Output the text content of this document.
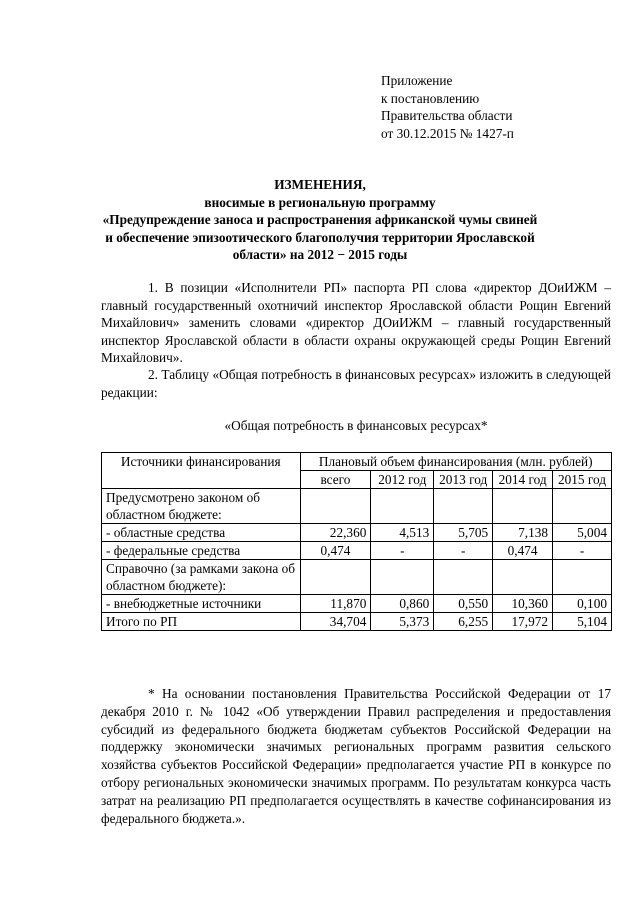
Приложение
к постановлению
Правительства области
от 30.12.2015 № 1427-п
ИЗМЕНЕНИЯ,
вносимые в региональную программу
«Предупреждение заноса и распространения африканской чумы свиней
и обеспечение эпизоотического благополучия территории Ярославской
области» на 2012 − 2015 годы
1. В позиции «Исполнители РП» паспорта РП слова «директор ДОиИЖМ – главный государственный охотничий инспектор Ярославской области Рощин Евгений Михайлович» заменить словами «директор ДОиИЖМ – главный государственный инспектор Ярославской области в области охраны окружающей среды Рощин Евгений Михайлович».
2. Таблицу «Общая потребность в финансовых ресурсах» изложить в следующей редакции:
«Общая потребность в финансовых ресурсах*
Источники финансирования	Плановый объем финансирования (млн. рублей)				
	всего	2012 год	2013 год	2014 год	2015 год
Предусмотрено законом об областном бюджете:					
- областные средства	22,360	4,513	5,705	7,138	5,004
- федеральные средства	0,474	-	-	0,474	-
Справочно (за рамками закона об областном бюджете):					
- внебюджетные источники	11,870	0,860	0,550	10,360	0,100
Итого по РП	34,704	5,373	6,255	17,972	5,104
* На основании постановления Правительства Российской Федерации от 17 декабря 2010 г. № 1042 «Об утверждении Правил распределения и предоставления субсидий из федерального бюджета бюджетам субъектов Российской Федерации на поддержку экономически значимых региональных программ развития сельского хозяйства субъектов Российской Федерации» предполагается участие РП в конкурсе по отбору региональных экономически значимых программ. По результатам конкурса часть затрат на реализацию РП предполагается осуществлять в качестве софинансирования из федерального бюджета.».
